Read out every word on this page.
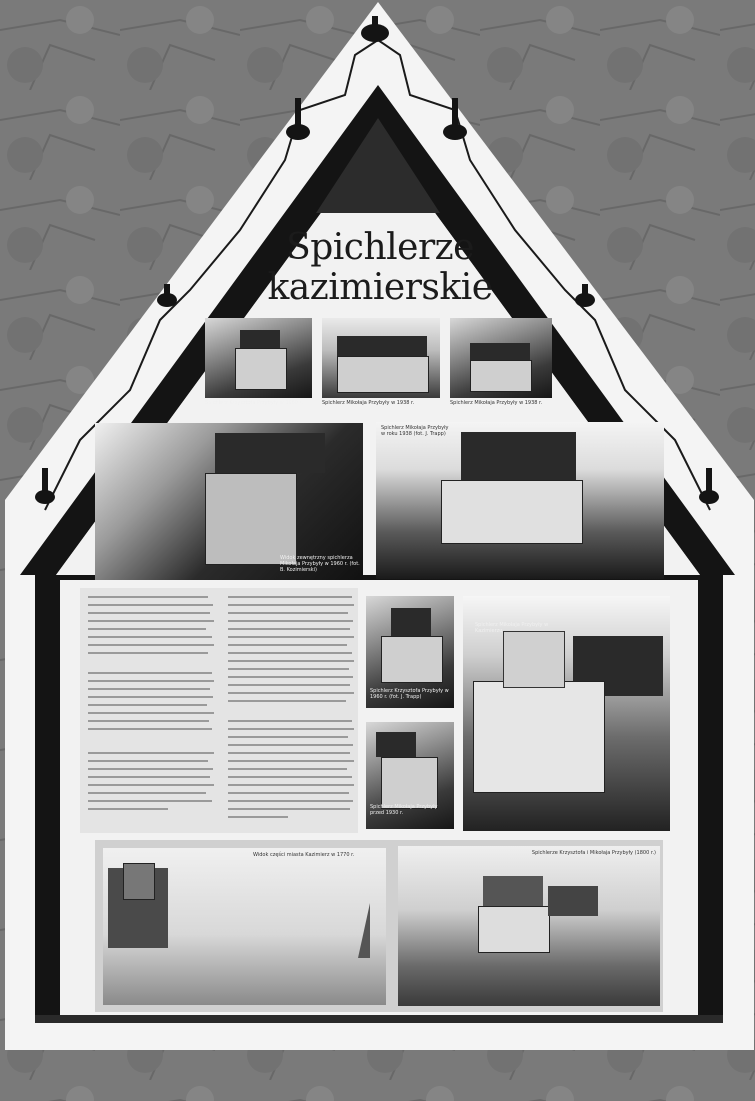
Spichlerze
kazimierskie
Spichlerz Krzysztofa Przybyły w 1960 r.	Spichlerz Mikołaja Przybyły w 1938 r.	Spichlerz Mikołaja Przybyły w 1938 r.
Widok zewnętrzny spichlerza Mikołaja Przybyły w 1960 r. (fot. B. Kozimierski)
Spichlerz Mikołaja Przybyły w roku 1938 (fot. J. Trapp)
Spichlerz Krzysztofa Przybyły w 1960 r. (fot. J. Trapp)
Spichlerz Mikołaja Przybyły przed 1930 r.
Spichlerz Mikołaja Przybyły w Kazimierzu
Widok części miasta Kazimierz w 1770 r.	Spichlerze Krzysztofa i Mikołaja Przybyły (1800 r.)
